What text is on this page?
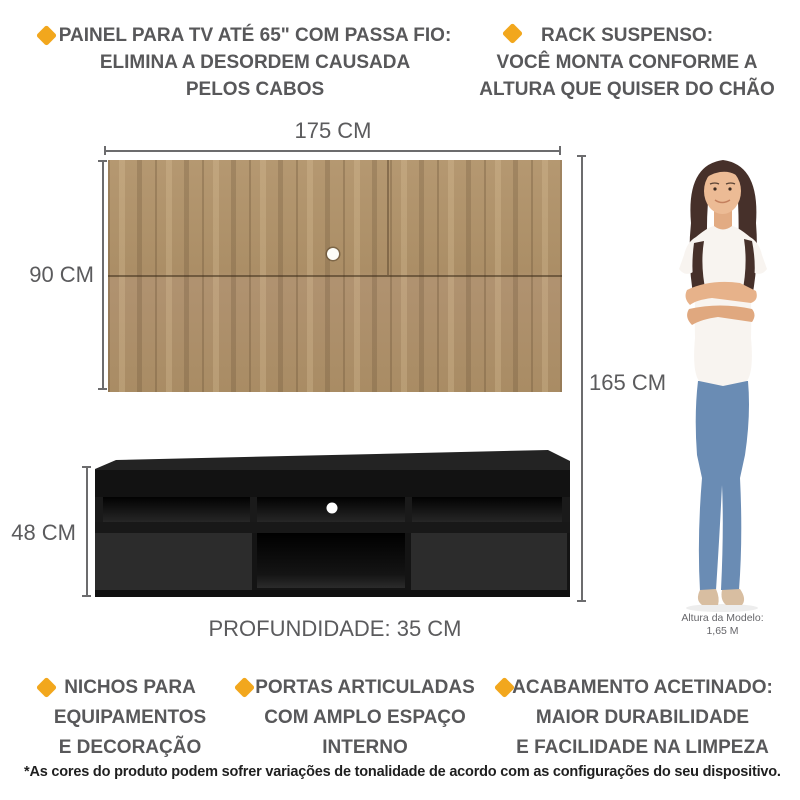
PAINEL PARA TV ATÉ 65" COM PASSA FIO:
ELIMINA A DESORDEM CAUSADA
PELOS CABOS
RACK SUSPENSO:
VOCÊ MONTA CONFORME A
ALTURA QUE QUISER DO CHÃO
175 CM
90 CM
165 CM
48 CM
Altura da Modelo:
1,65 M
PROFUNDIDADE: 35 CM
NICHOS PARA
EQUIPAMENTOS
E DECORAÇÃO
PORTAS ARTICULADAS
COM AMPLO ESPAÇO
INTERNO
ACABAMENTO ACETINADO:
MAIOR DURABILIDADE
E FACILIDADE NA LIMPEZA
*As cores do produto podem sofrer variações de tonalidade de acordo com as configurações do seu dispositivo.
